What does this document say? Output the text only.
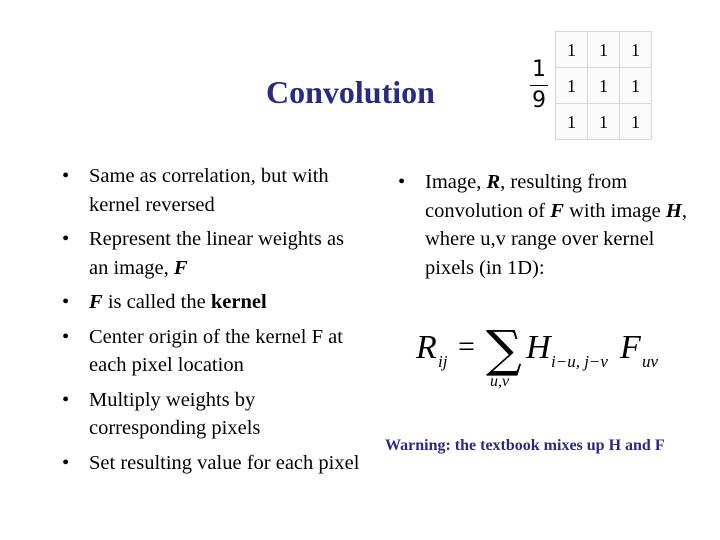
Convolution
1
9
1	1	1
1	1	1
1	1	1
• Same as correlation, but with kernel reversed
• Represent the linear weights as an image, F
• F is called the kernel
• Center origin of the kernel F at each pixel location
• Multiply weights by corresponding pixels
• Set resulting value for each pixel
• Image, R, resulting from convolution of F with image H, where u,v range over kernel pixels (in 1D):
R ij = ∑
u,v
H i−u, j−v F uv
Warning: the textbook mixes up H and F
